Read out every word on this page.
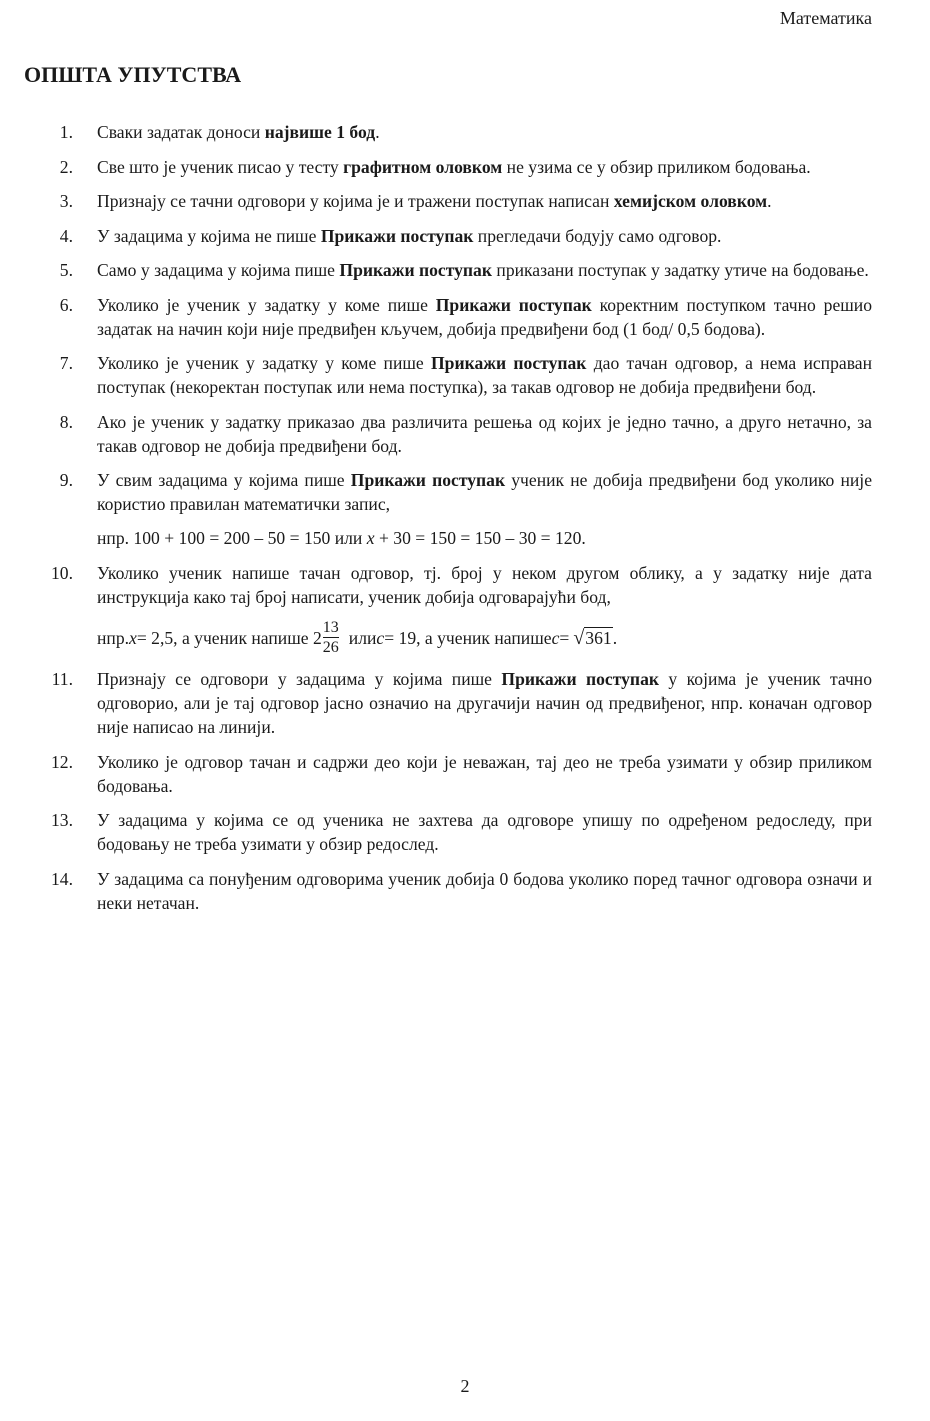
Математика
ОПШТА УПУТСТВА
1. Сваки задатак доноси највише 1 бод.
2. Све што је ученик писао у тесту графитном оловком не узима се у обзир приликом бодовања.
3. Признају се тачни одговори у којима је и тражени поступак написан хемијском оловком.
4. У задацима у којима не пише Прикажи поступак прегледачи бодују само одговор.
5. Само у задацима у којима пише Прикажи поступак приказани поступак у задатку утиче на бодовање.
6. Уколико је ученик у задатку у коме пише Прикажи поступак коректним поступком тачно решио задатак на начин који није предвиђен кључем, добија предвиђени бод (1 бод/ 0,5 бодова).
7. Уколико је ученик у задатку у коме пише Прикажи поступак дао тачан одговор, а нема исправан поступак (некоректан поступак или нема поступка), за такав одговор не добија предвиђени бод.
8. Ако је ученик у задатку приказао два различита решења од којих је једно тачно, а друго нетачно, за такав одговор не добија предвиђени бод.
9. У свим задацима у којима пише Прикажи поступак ученик не добија предвиђени бод уколико није користио правилан математички запис,
нпр. 100 + 100 = 200 – 50 = 150 или x + 30 = 150 = 150 – 30 = 120.
10. Уколико ученик напише тачан одговор, тј. број у неком другом облику, а у задатку није дата инструкција како тај број написати, ученик добија одговарајући бод,
нпр. x = 2,5, а ученик напише $2 \frac{13}{26}$ или c = 19, а ученик напише c = √ 361 .
11. Признају се одговори у задацима у којима пише Прикажи поступак у којима је ученик тачно одговорио, али је тај одговор јасно означио на другачији начин од предвиђеног, нпр. коначан одговор није написао на линији.
12. Уколико је одговор тачан и садржи део који је неважан, тај део не треба узимати у обзир приликом бодовања.
13. У задацима у којима се од ученика не захтева да одговоре упишу по одређеном редоследу, при бодовању не треба узимати у обзир редослед.
14. У задацима са понуђеним одговорима ученик добија 0 бодова уколико поред тачног одговора означи и неки нетачан.
2
